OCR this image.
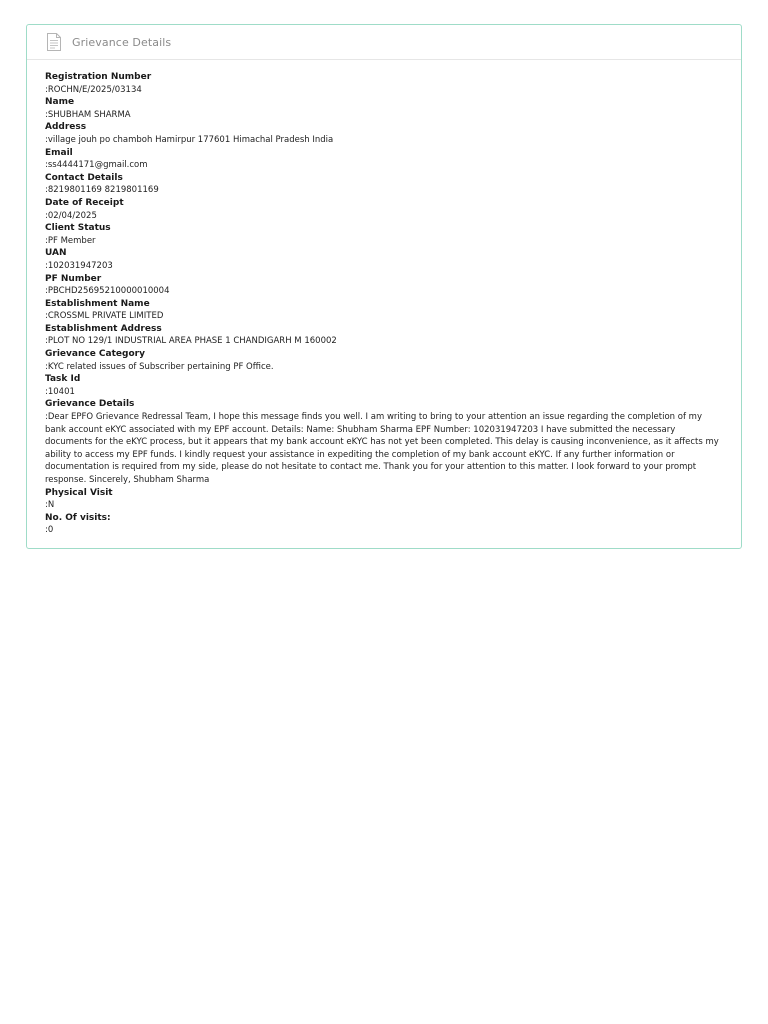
Grievance Details
Registration Number
:ROCHN/E/2025/03134
Name
:SHUBHAM SHARMA
Address
:village jouh po chamboh Hamirpur 177601 Himachal Pradesh India
Email
:ss4444171@gmail.com
Contact Details
:8219801169 8219801169
Date of Receipt
:02/04/2025
Client Status
:PF Member
UAN
:102031947203
PF Number
:PBCHD25695210000010004
Establishment Name
:CROSSML PRIVATE LIMITED
Establishment Address
:PLOT NO 129/1 INDUSTRIAL AREA PHASE 1 CHANDIGARH M 160002
Grievance Category
:KYC related issues of Subscriber pertaining PF Office.
Task Id
:10401
Grievance Details
:Dear EPFO Grievance Redressal Team, I hope this message finds you well. I am writing to bring to your attention an issue regarding the completion of my bank account eKYC associated with my EPF account. Details: Name: Shubham Sharma EPF Number: 102031947203 I have submitted the necessary documents for the eKYC process, but it appears that my bank account eKYC has not yet been completed. This delay is causing inconvenience, as it affects my ability to access my EPF funds. I kindly request your assistance in expediting the completion of my bank account eKYC. If any further information or documentation is required from my side, please do not hesitate to contact me. Thank you for your attention to this matter. I look forward to your prompt response. Sincerely, Shubham Sharma
Physical Visit
:N
No. Of visits:
:0
